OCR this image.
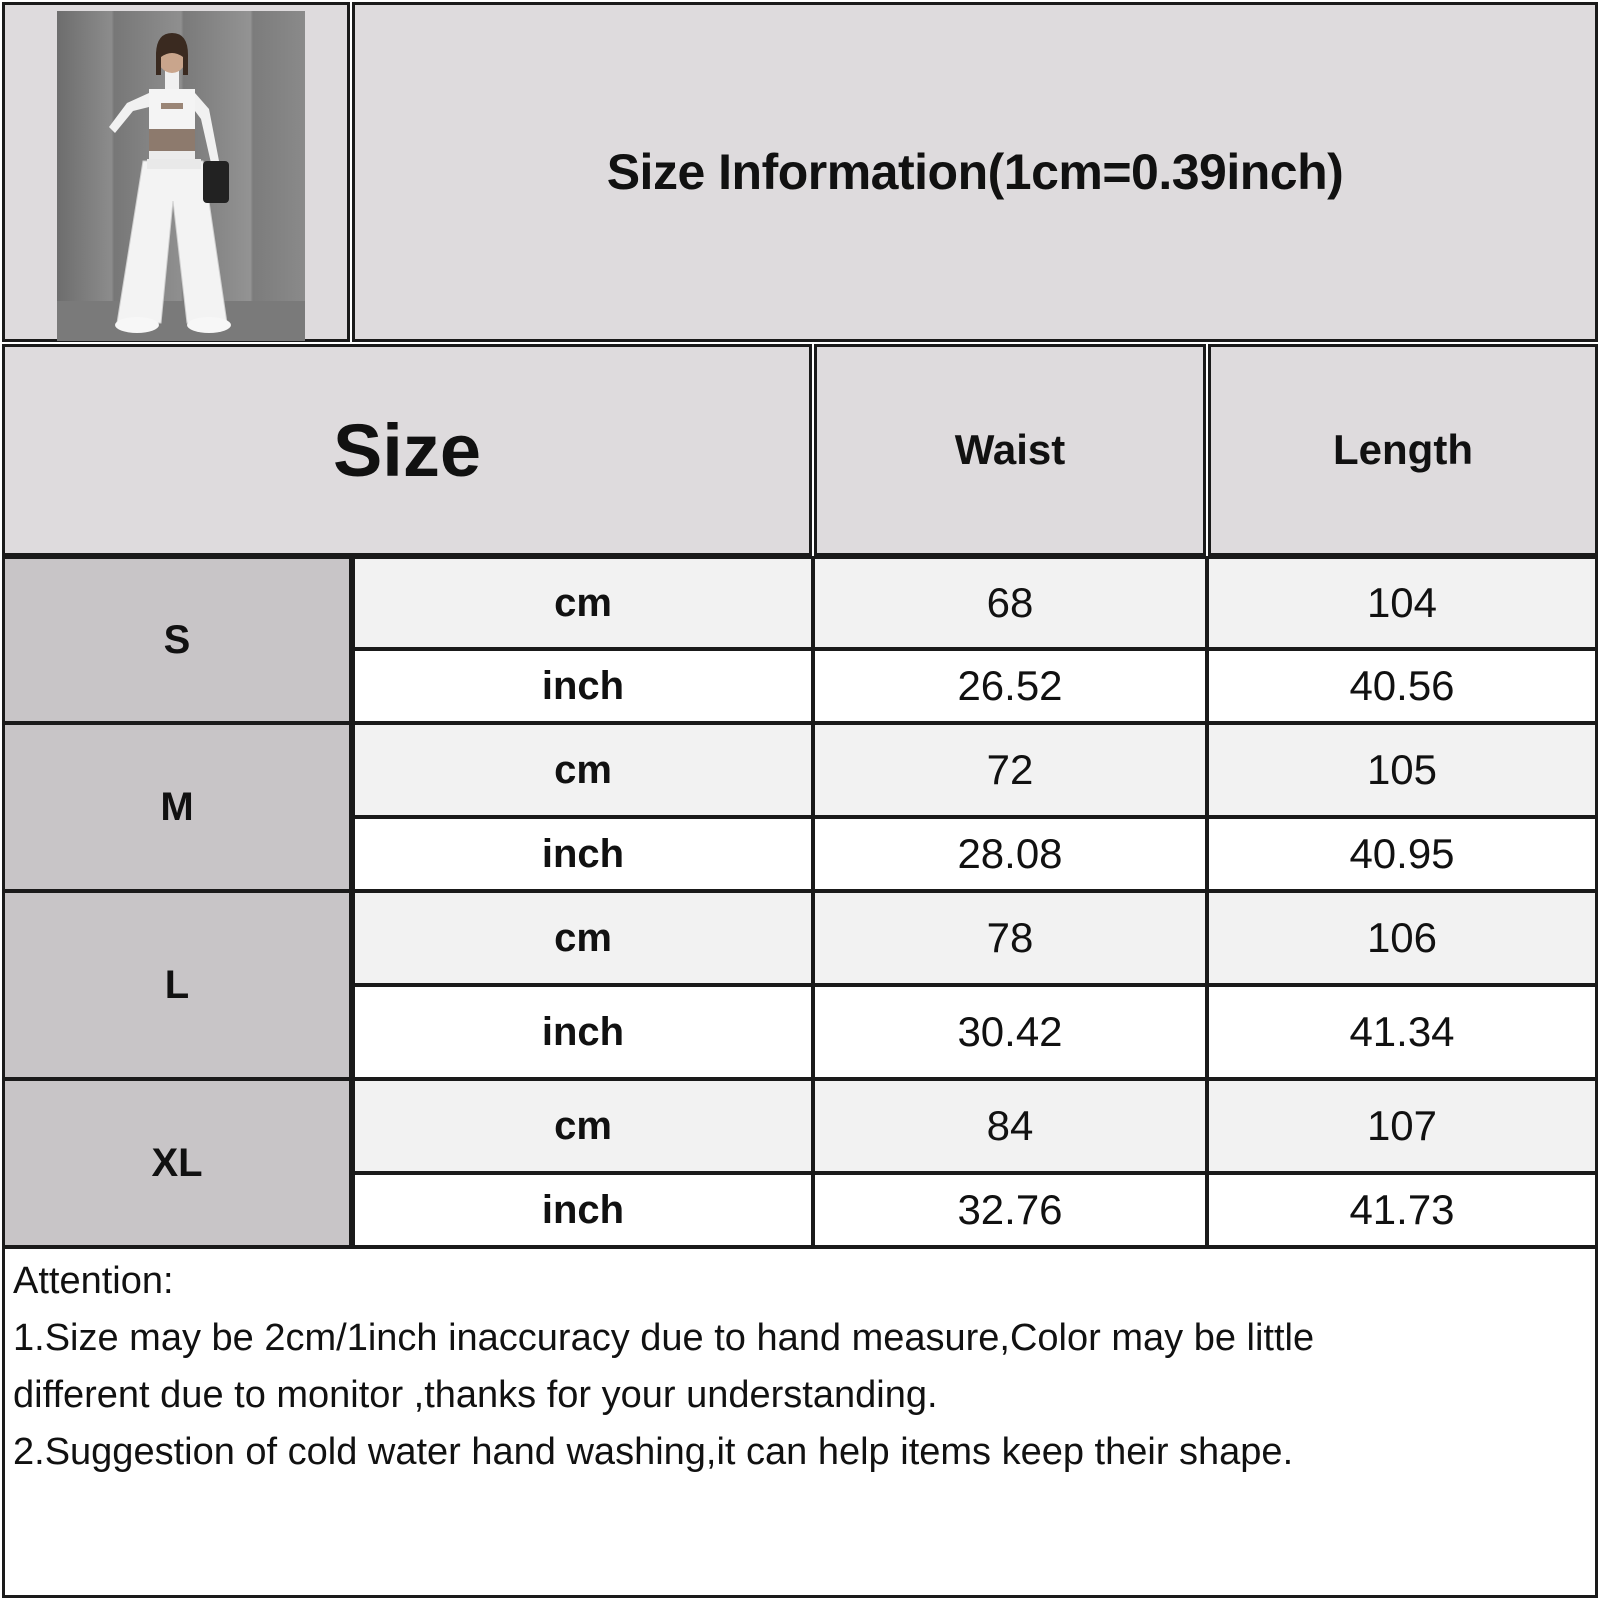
Size Information(1cm=0.39inch)
Size	Waist	Length
S
cm	68	104
inch	26.52	40.56
M
cm	72	105
inch	28.08	40.95
L
cm	78	106
inch	30.42	41.34
XL
cm	84	107
inch	32.76	41.73
Attention:
1.Size may be 2cm/1inch inaccuracy due to hand measure,Color may be little
different due to monitor ,thanks for your understanding.
2.Suggestion of cold water hand washing,it can help items keep their shape.
